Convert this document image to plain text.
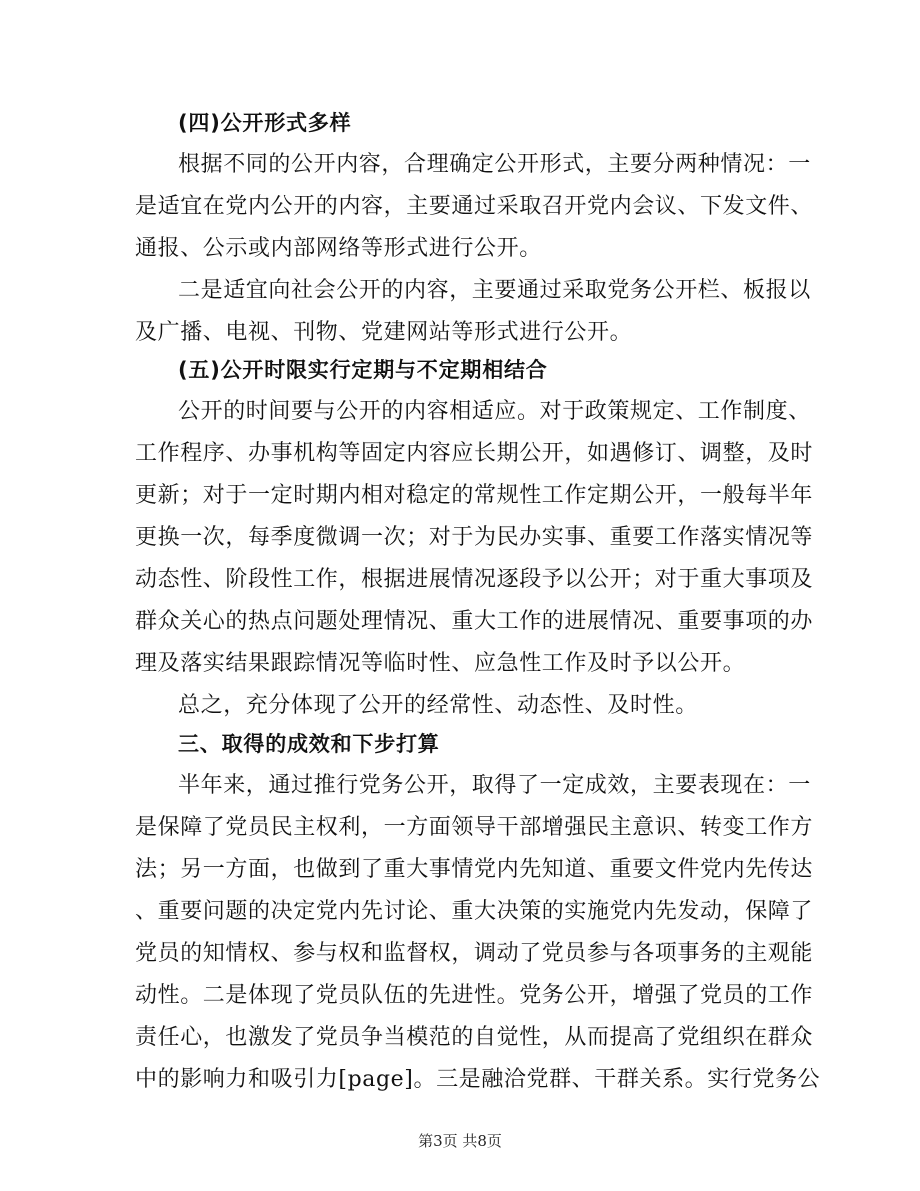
(四)公开形式多样
根据不同的公开内容，合理确定公开形式，主要分两种情况：一
是适宜在党内公开的内容，主要通过采取召开党内会议、下发文件、
通报、公示或内部网络等形式进行公开。
二是适宜向社会公开的内容，主要通过采取党务公开栏、板报以
及广播、电视、刊物、党建网站等形式进行公开。
(五)公开时限实行定期与不定期相结合
公开的时间要与公开的内容相适应。对于政策规定、工作制度、
工作程序、办事机构等固定内容应长期公开，如遇修订、调整，及时
更新；对于一定时期内相对稳定的常规性工作定期公开，一般每半年
更换一次，每季度微调一次；对于为民办实事、重要工作落实情况等
动态性、阶段性工作，根据进展情况逐段予以公开；对于重大事项及
群众关心的热点问题处理情况、重大工作的进展情况、重要事项的办
理及落实结果跟踪情况等临时性、应急性工作及时予以公开。
总之，充分体现了公开的经常性、动态性、及时性。
三、取得的成效和下步打算
半年来，通过推行党务公开，取得了一定成效，主要表现在：一
是保障了党员民主权利，一方面领导干部增强民主意识、转变工作方
法；另一方面，也做到了重大事情党内先知道、重要文件党内先传达
、重要问题的决定党内先讨论、重大决策的实施党内先发动，保障了
党员的知情权、参与权和监督权，调动了党员参与各项事务的主观能
动性。二是体现了党员队伍的先进性。党务公开，增强了党员的工作
责任心，也激发了党员争当模范的自觉性，从而提高了党组织在群众
中的影响力和吸引力[page]。三是融洽党群、干群关系。实行党务公
第3页 共8页
